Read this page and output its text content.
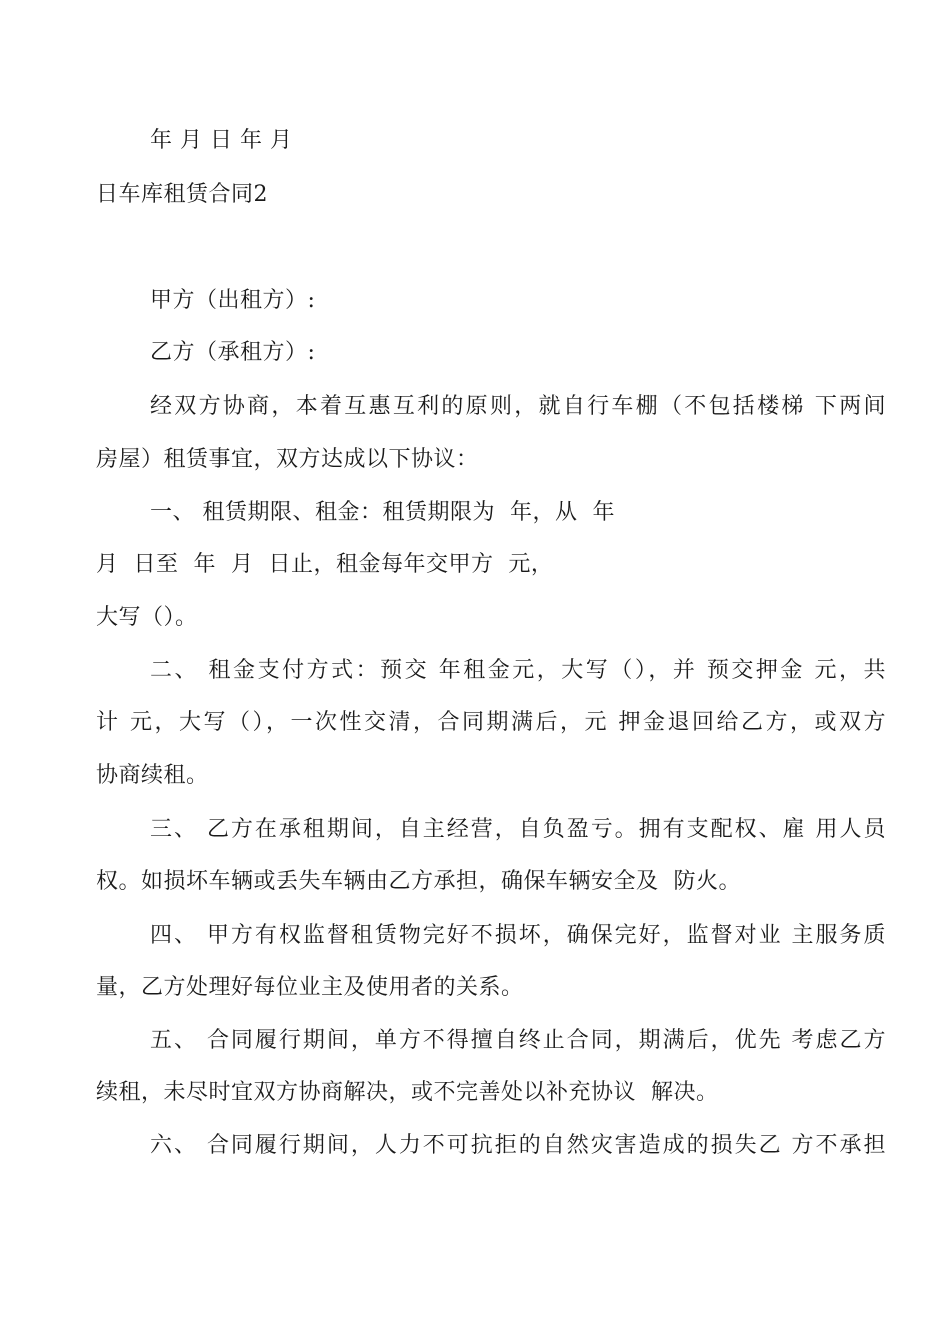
年 月 日 年 月
日车库租赁合同2
甲方（出租方）:
乙方（承租方）:
经双方协商，本着互惠互利的原则，就自行车棚（不包括楼梯 下两间
房屋）租赁事宜，双方达成以下协议：
一、 租赁期限、租金：租赁期限为  年，从  年
月  日至  年  月  日止，租金每年交甲方  元，
大写（）。
二、 租金支付方式：预交 年租金元，大写（），并 预交押金 元，共
计 元，大写（），一次性交清，合同期满后，元 押金退回给乙方，或双方
协商续租。
三、 乙方在承租期间，自主经营，自负盈亏。拥有支配权、雇 用人员
权。如损坏车辆或丢失车辆由乙方承担，确保车辆安全及  防火。
四、 甲方有权监督租赁物完好不损坏，确保完好，监督对业 主服务质
量，乙方处理好每位业主及使用者的关系。
五、 合同履行期间，单方不得擅自终止合同，期满后，优先 考虑乙方
续租，未尽时宜双方协商解决，或不完善处以补充协议  解决。
六、 合同履行期间，人力不可抗拒的自然灾害造成的损失乙 方不承担
